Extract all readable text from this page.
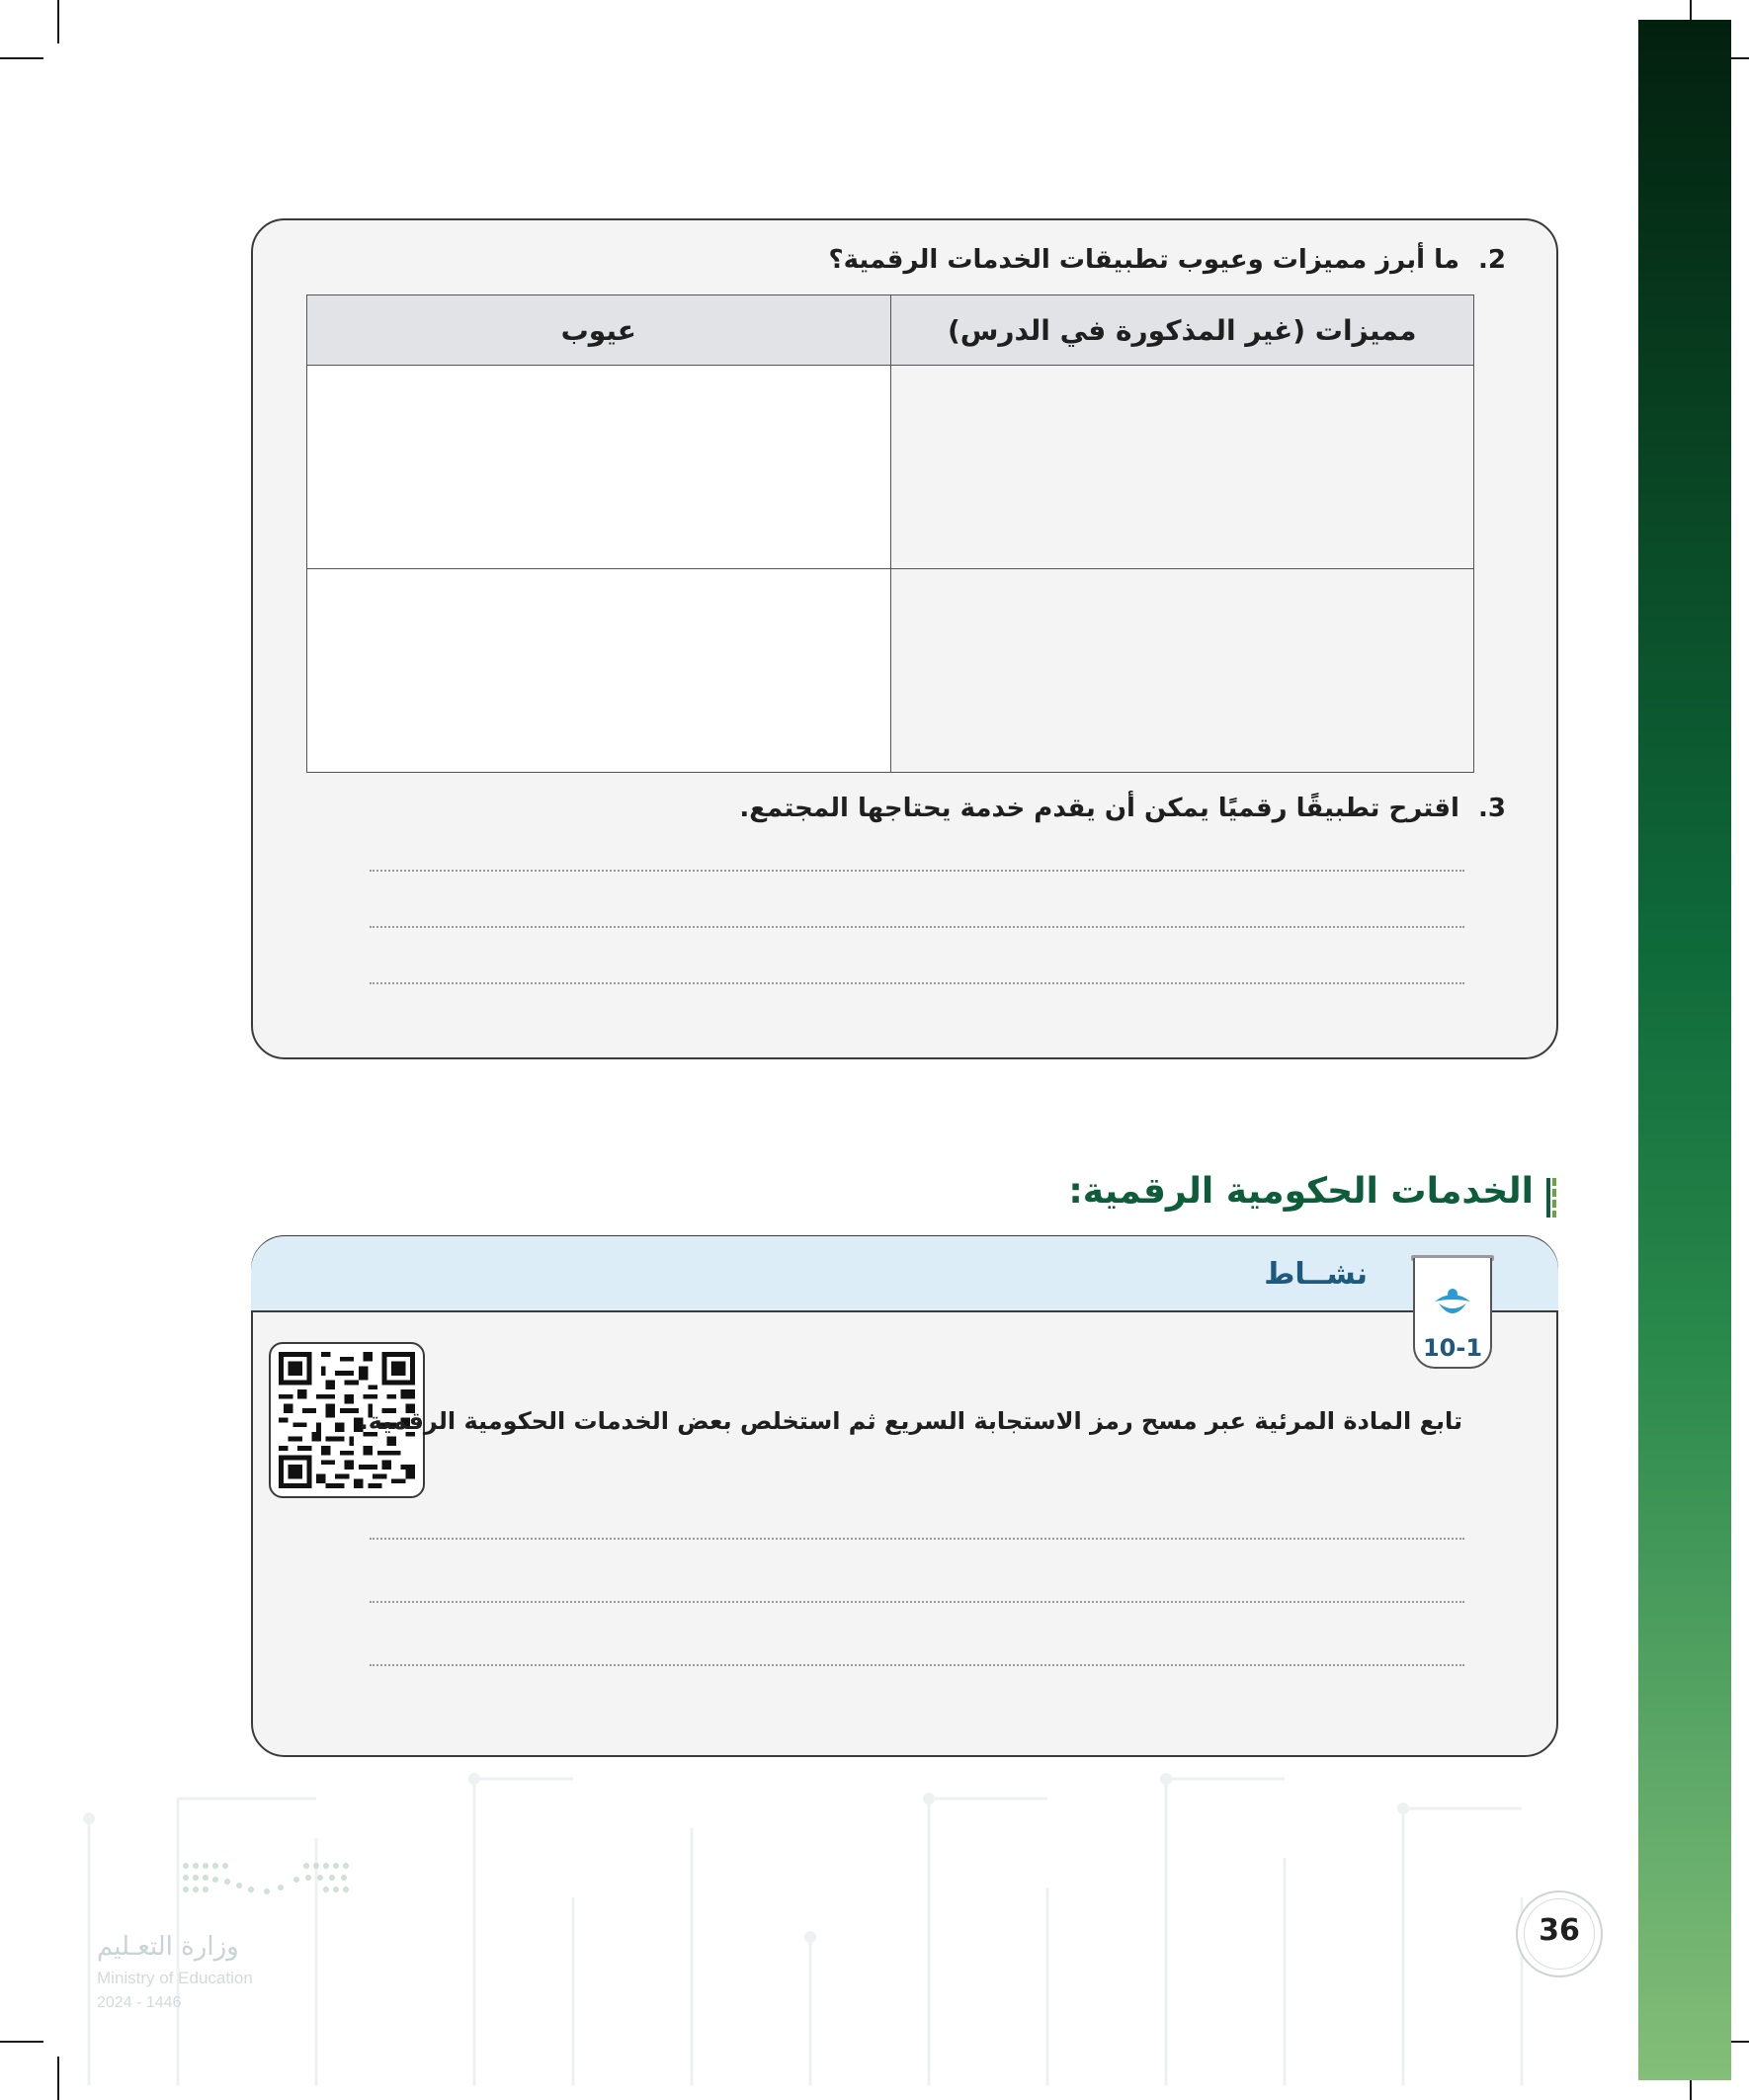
2. ما أبرز مميزات وعيوب تطبيقات الخدمات الرقمية؟
مميزات (غير المذكورة في الدرس)	عيوب

3. اقترح تطبيقًا رقميًا يمكن أن يقدم خدمة يحتاجها المجتمع.
الخدمات الحكومية الرقمية:
نشــاط
10-1
تابع المادة المرئية عبر مسح رمز الاستجابة السريع ثم استخلص بعض الخدمات الحكومية الرقمية.
وزارة التعـليم
Ministry of Education
2024 - 1446
36
